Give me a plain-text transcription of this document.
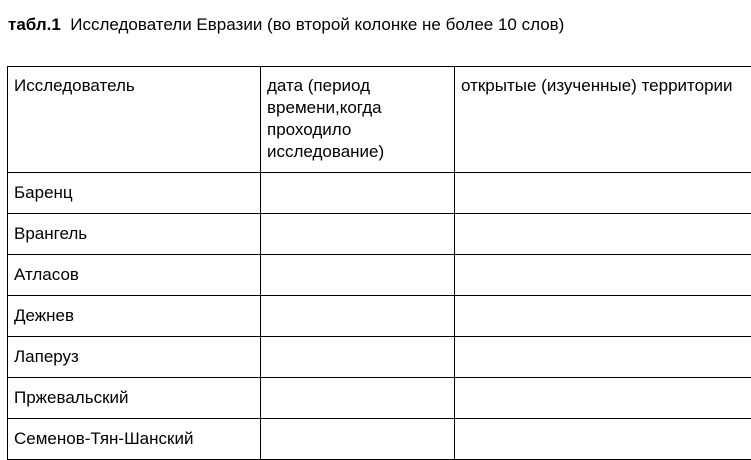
табл.1 Исследователи Евразии (во второй колонке не более 10 слов)
Исследователь	дата (период времени,когда проходило исследование)	открытые (изученные) территории
Баренц		
Врангель		
Атласов		
Дежнев		
Лаперуз		
Пржевальский		
Семенов-Тян-Шанский		
